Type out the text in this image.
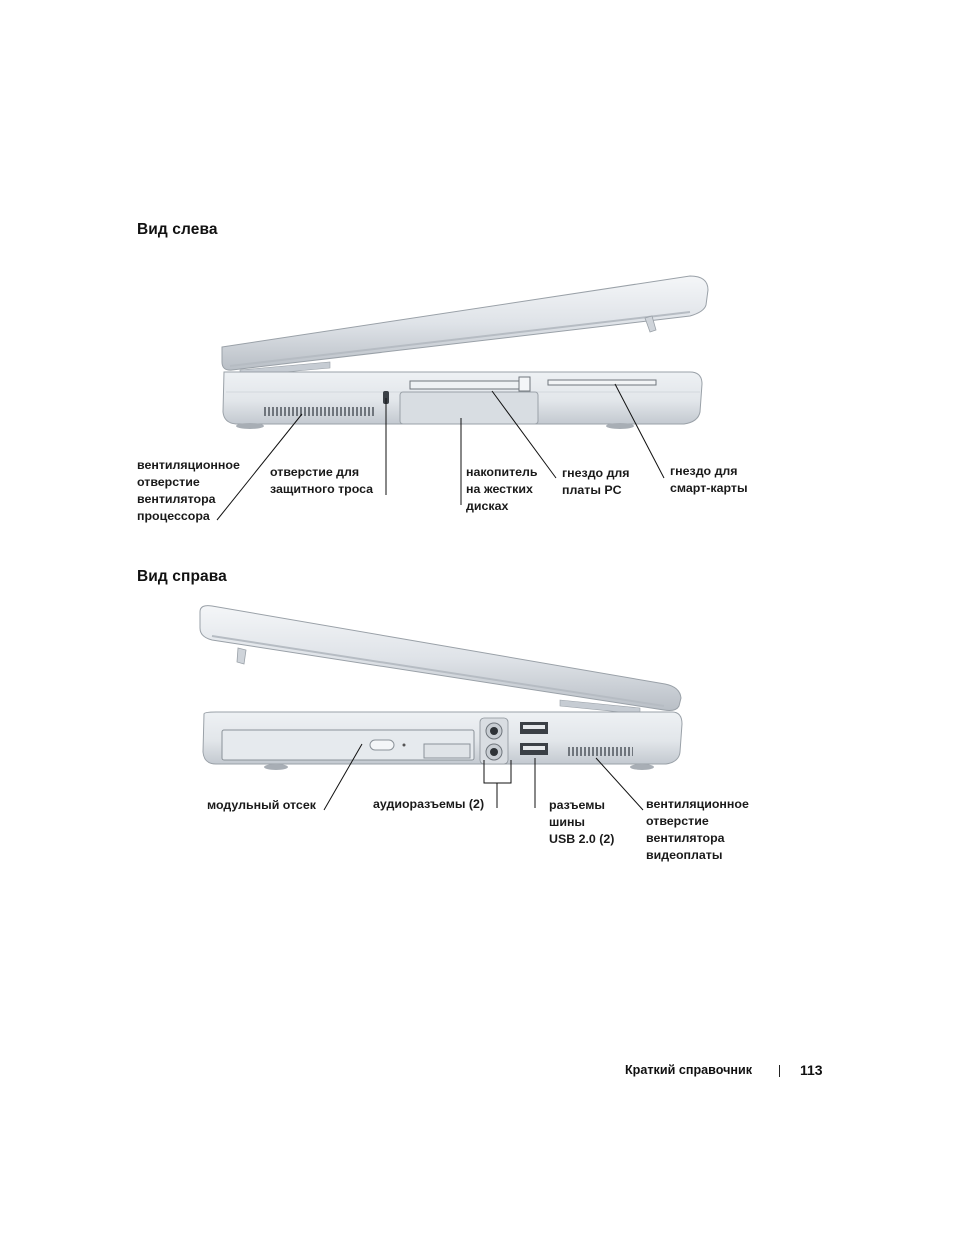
Вид слева
Вид справа
вентиляционное
отверстие
вентилятора
процессора
отверстие для
защитного троса
накопитель
на жестких
дисках
гнездо для
платы PC
гнездо для
смарт-карты
модульный отсек	аудиоразъемы (2)	разъемы
шины
USB 2.0 (2)
вентиляционное
отверстие
вентилятора
видеоплаты
Краткий справочник	113
